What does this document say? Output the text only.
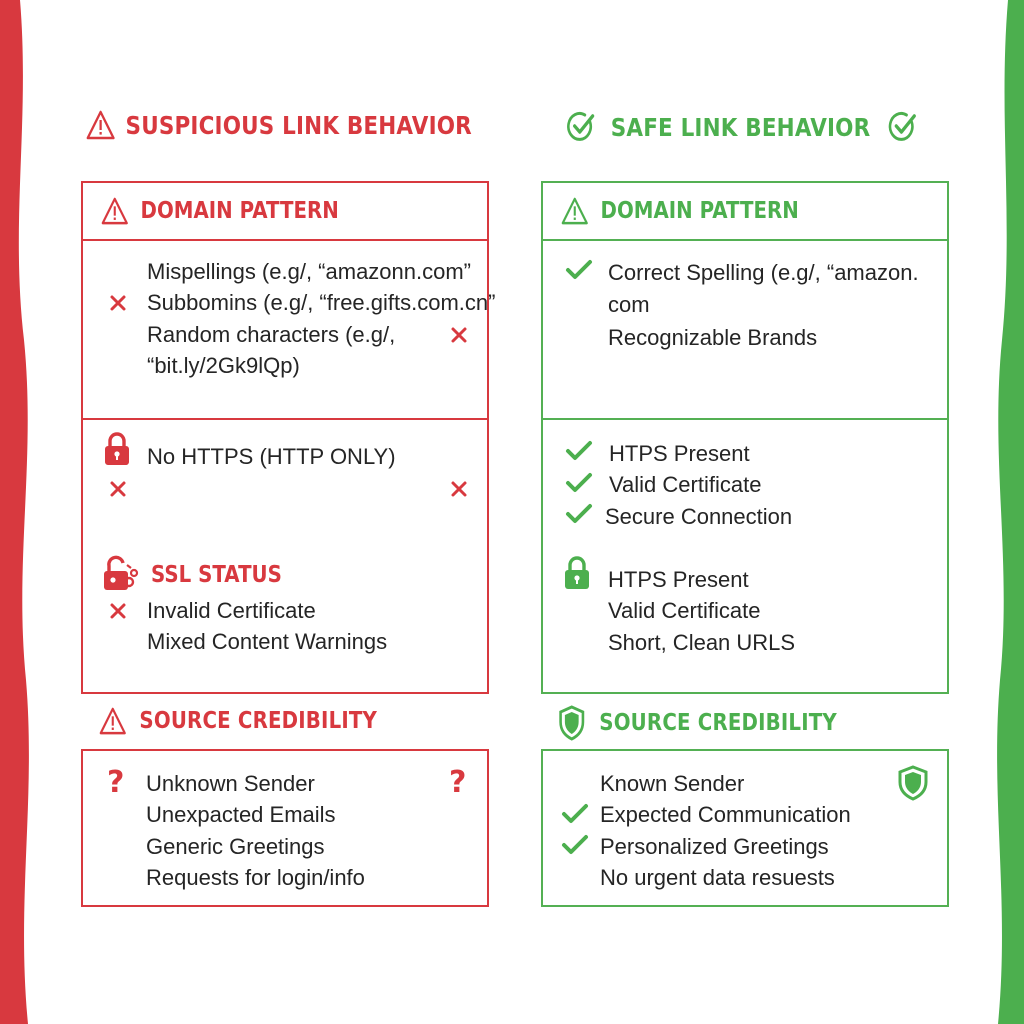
SUSPICIOUS LINK BEHAVIOR	SAFE LINK BEHAVIOR
DOMAIN PATTERN
Mispellings (e.g/, “amazonn.com”
Subbomins (e.g/, “free.gifts.com.cn”
Random characters (e.g/,
“bit.ly/2Gk9lQp)
No HTTPS (HTTP ONLY)
SSL STATUS
Invalid Certificate
Mixed Content Warnings
DOMAIN PATTERN
Correct Spelling (e.g/, “amazon.
com
Recognizable Brands
HTPS Present
Valid Certificate
Secure Connection
HTPS Present
Valid Certificate
Short, Clean URLS
SOURCE CREDIBILITY	SOURCE CREDIBILITY
?	?
Unknown Sender
Unexpacted Emails
Generic Greetings
Requests for login/info
Known Sender
Expected Communication
Personalized Greetings
No urgent data resuests
